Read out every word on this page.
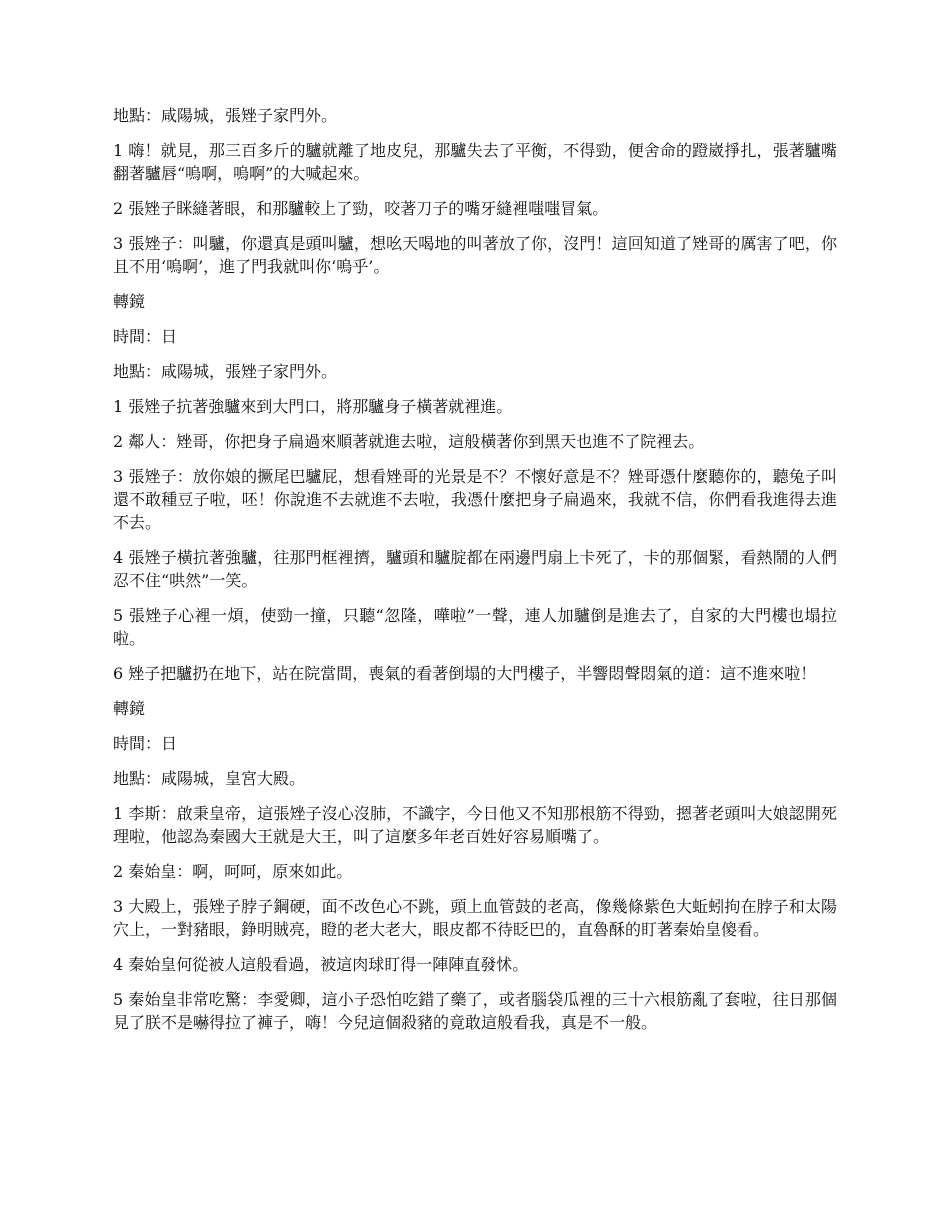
地點：咸陽城，張矬子家門外。

1 嗨！就見，那三百多斤的驢就離了地皮兒，那驢失去了平衡，不得勁，便舍命的蹬崴掙扎，張著驢嘴翻著驢唇“嗚啊，嗚啊”的大喊起來。

2 張矬子眯縫著眼，和那驢較上了勁，咬著刀子的嘴牙縫裡嗤嗤冒氣。

3 張矬子：叫驢，你還真是頭叫驢，想吆天喝地的叫著放了你，沒門！這回知道了矬哥的厲害了吧，你且不用‘嗚啊’，進了門我就叫你‘嗚乎’。

轉鏡

時間：日

地點：咸陽城，張矬子家門外。

1 張矬子抗著強驢來到大門口，將那驢身子橫著就裡進。

2 鄰人：矬哥，你把身子扁過來順著就進去啦，這般橫著你到黑天也進不了院裡去。

3 張矬子：放你娘的撅尾巴驢屁，想看矬哥的光景是不？不懷好意是不？矬哥憑什麼聽你的，聽兔子叫還不敢種豆子啦，呸！你說進不去就進不去啦，我憑什麼把身子扁過來，我就不信，你們看我進得去進不去。

4 張矬子橫抗著強驢，往那門框裡擠，驢頭和驢腚都在兩邊門扇上卡死了，卡的那個緊，看熱鬧的人們忍不住“哄然”一笑。

5 張矬子心裡一煩，使勁一撞，只聽“忽隆，嘩啦”一聲，連人加驢倒是進去了，自家的大門樓也塌拉啦。

6 矬子把驢扔在地下，站在院當間，喪氣的看著倒塌的大門樓子，半響悶聲悶氣的道：這不進來啦！

轉鏡

時間：日

地點：咸陽城，皇宮大殿。

1 李斯：啟秉皇帝，這張矬子沒心沒肺，不識字，今日他又不知那根筋不得勁，摁著老頭叫大娘認開死理啦，他認為秦國大王就是大王，叫了這麼多年老百姓好容易順嘴了。

2 秦始皇：啊，呵呵，原來如此。

3 大殿上，張矬子脖子鋼硬，面不改色心不跳，頭上血管鼓的老高，像幾條紫色大蚯蚓拘在脖子和太陽穴上，一對豬眼，錚明賊亮，瞪的老大老大，眼皮都不待眨巴的，直魯酥的盯著秦始皇傻看。

4 秦始皇何從被人這般看過，被這肉球盯得一陣陣直發怵。

5 秦始皇非常吃驚：李愛卿，這小子恐怕吃錯了藥了，或者腦袋瓜裡的三十六根筋亂了套啦，往日那個見了朕不是嚇得拉了褲子，嗨！今兒這個殺豬的竟敢這般看我，真是不一般。
